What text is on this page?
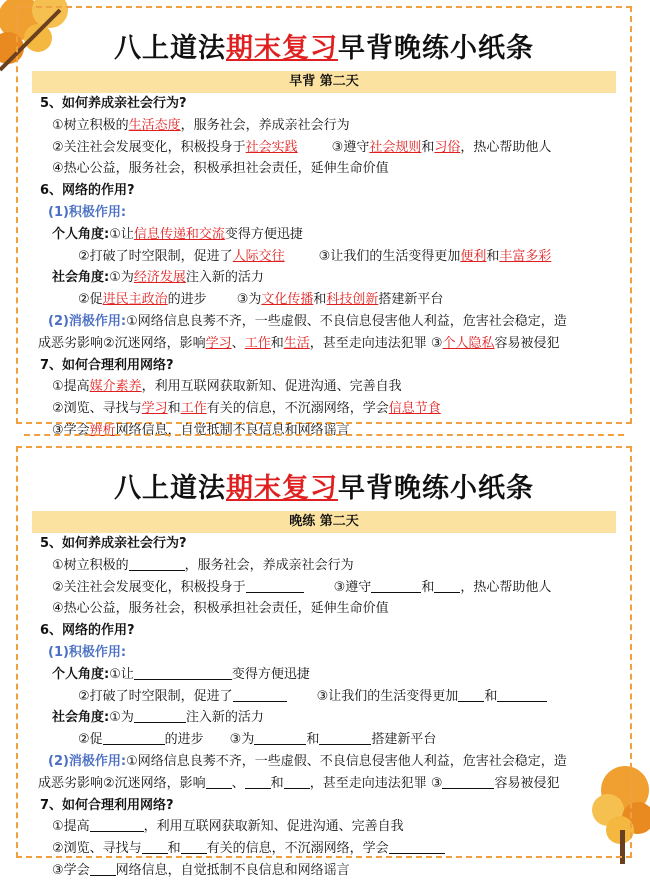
八上道法期末复习早背晚练小纸条
早背 第二天
5、如何养成亲社会行为?
①树立积极的生活态度，服务社会，养成亲社会行为
②关注社会发展变化，积极投身于社会实践	③遵守社会规则和习俗，热心帮助他人
④热心公益，服务社会，积极承担社会责任，延伸生命价值
6、网络的作用?
(1)积极作用:
个人角度:①让信息传递和交流变得方便迅捷
②打破了时空限制，促进了人际交往	③让我们的生活变得更加便利和丰富多彩
社会角度:①为经济发展注入新的活力
②促进民主政治的进步 ③为文化传播和科技创新搭建新平台
(2)消极作用:①网络信息良莠不齐，一些虚假、不良信息侵害他人利益，危害社会稳定，造
成恶劣影响②沉迷网络，影响学习、工作和生活，甚至走向违法犯罪 ③个人隐私容易被侵犯
7、如何合理利用网络?
①提高媒介素养，利用互联网获取新知、促进沟通、完善自我
②浏览、寻找与学习和工作有关的信息，不沉溺网络，学会信息节食
③学会辨析网络信息，自觉抵制不良信息和网络谣言
八上道法期末复习早背晚练小纸条
晚练 第二天
5、如何养成亲社会行为?
①树立积极的	，服务社会，养成亲社会行为
②关注社会发展变化，积极投身于	③遵守	和 ，热心帮助他人
④热心公益，服务社会，积极承担社会责任，延伸生命价值
6、网络的作用?
(1)积极作用:
个人角度:①让	变得方便迅捷
②打破了时空限制，促进了	③让我们的生活变得更加 和
社会角度:①为	注入新的活力
②促	的进步 ③为	和	搭建新平台
(2)消极作用:①网络信息良莠不齐，一些虚假、不良信息侵害他人利益，危害社会稳定，造
成恶劣影响②沉迷网络，影响 、 和 ，甚至走向违法犯罪 ③	容易被侵犯
7、如何合理利用网络?
①提高	，利用互联网获取新知、促进沟通、完善自我
②浏览、寻找与 和 有关的信息，不沉溺网络，学会
③学会 网络信息，自觉抵制不良信息和网络谣言
